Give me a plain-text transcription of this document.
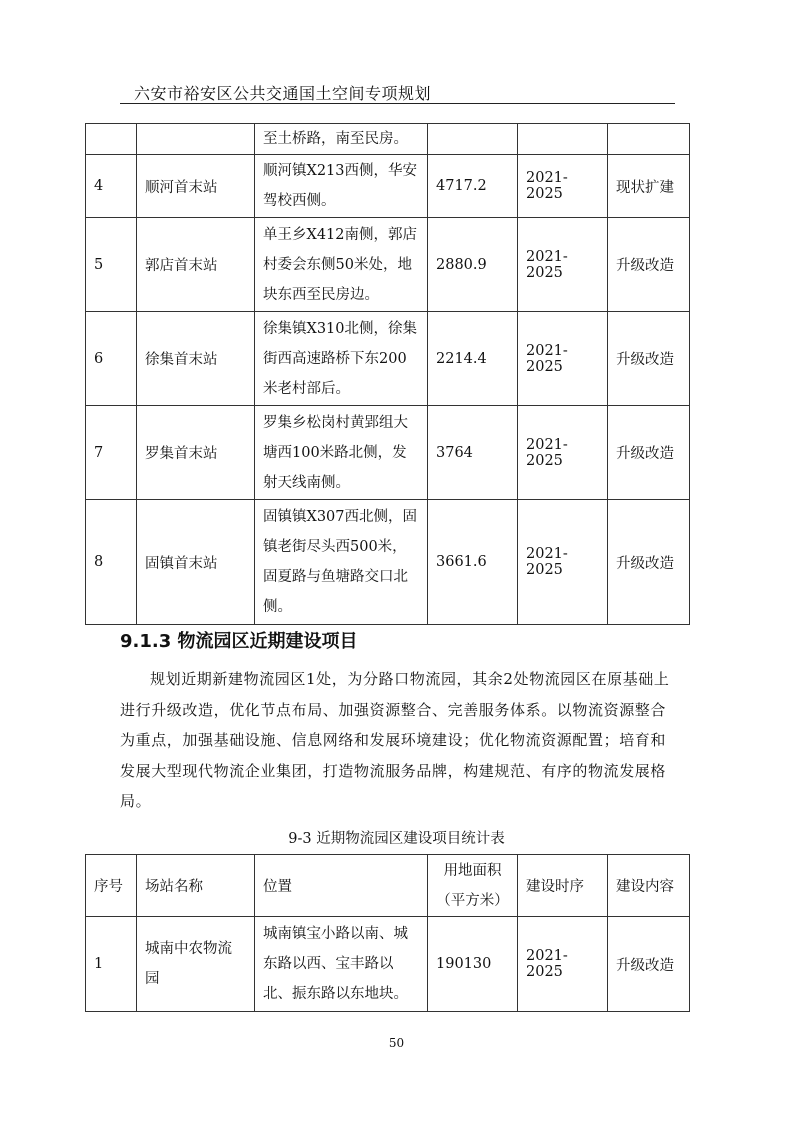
六安市裕安区公共交通国土空间专项规划
		至土桥路，南至民房。			
4	顺河首末站	顺河镇X213西侧，华安驾校西侧。	4717.2	2021-2025	现状扩建
5	郭店首末站	单王乡X412南侧，郭店村委会东侧50米处，地块东西至民房边。	2880.9	2021-2025	升级改造
6	徐集首末站	徐集镇X310北侧，徐集街西高速路桥下东200米老村部后。	2214.4	2021-2025	升级改造
7	罗集首末站	罗集乡松岗村黄郢组大塘西100米路北侧，发射天线南侧。	3764	2021-2025	升级改造
8	固镇首末站	固镇镇X307西北侧，固镇老街尽头西500米，固夏路与鱼塘路交口北侧。	3661.6	2021-2025	升级改造
9.1.3 物流园区近期建设项目
规划近期新建物流园区1处，为分路口物流园，其余2处物流园区在原基础上进行升级改造，优化节点布局、加强资源整合、完善服务体系。以物流资源整合为重点，加强基础设施、信息网络和发展环境建设；优化物流资源配置；培育和发展大型现代物流企业集团，打造物流服务品牌，构建规范、有序的物流发展格局。
9-3 近期物流园区建设项目统计表
序号	场站名称	位置	用地面积（平方米）	建设时序	建设内容
1	城南中农物流园	城南镇宝小路以南、城东路以西、宝丰路以北、振东路以东地块。	190130	2021-2025	升级改造
50
